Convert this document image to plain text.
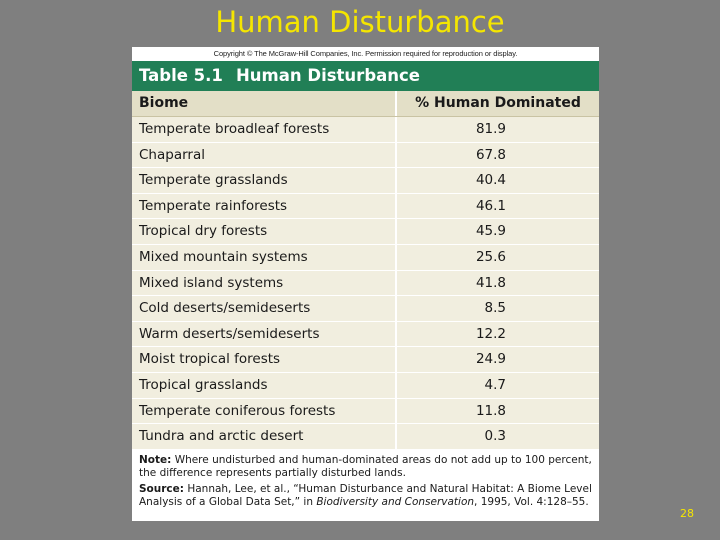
Human Disturbance
Copyright © The McGraw-Hill Companies, Inc. Permission required for reproduction or display.
Table 5.1 Human Disturbance
Biome	% Human Dominated
Temperate broadleaf forests	81.9
Chaparral	67.8
Temperate grasslands	40.4
Temperate rainforests	46.1
Tropical dry forests	45.9
Mixed mountain systems	25.6
Mixed island systems	41.8
Cold deserts/semideserts	8.5
Warm deserts/semideserts	12.2
Moist tropical forests	24.9
Tropical grasslands	4.7
Temperate coniferous forests	11.8
Tundra and arctic desert	0.3
Note: Where undisturbed and human-dominated areas do not add up to 100 percent, the difference represents partially disturbed lands.
Source: Hannah, Lee, et al., “Human Disturbance and Natural Habitat: A Biome Level Analysis of a Global Data Set,” in Biodiversity and Conservation, 1995, Vol. 4:128–55.
28
